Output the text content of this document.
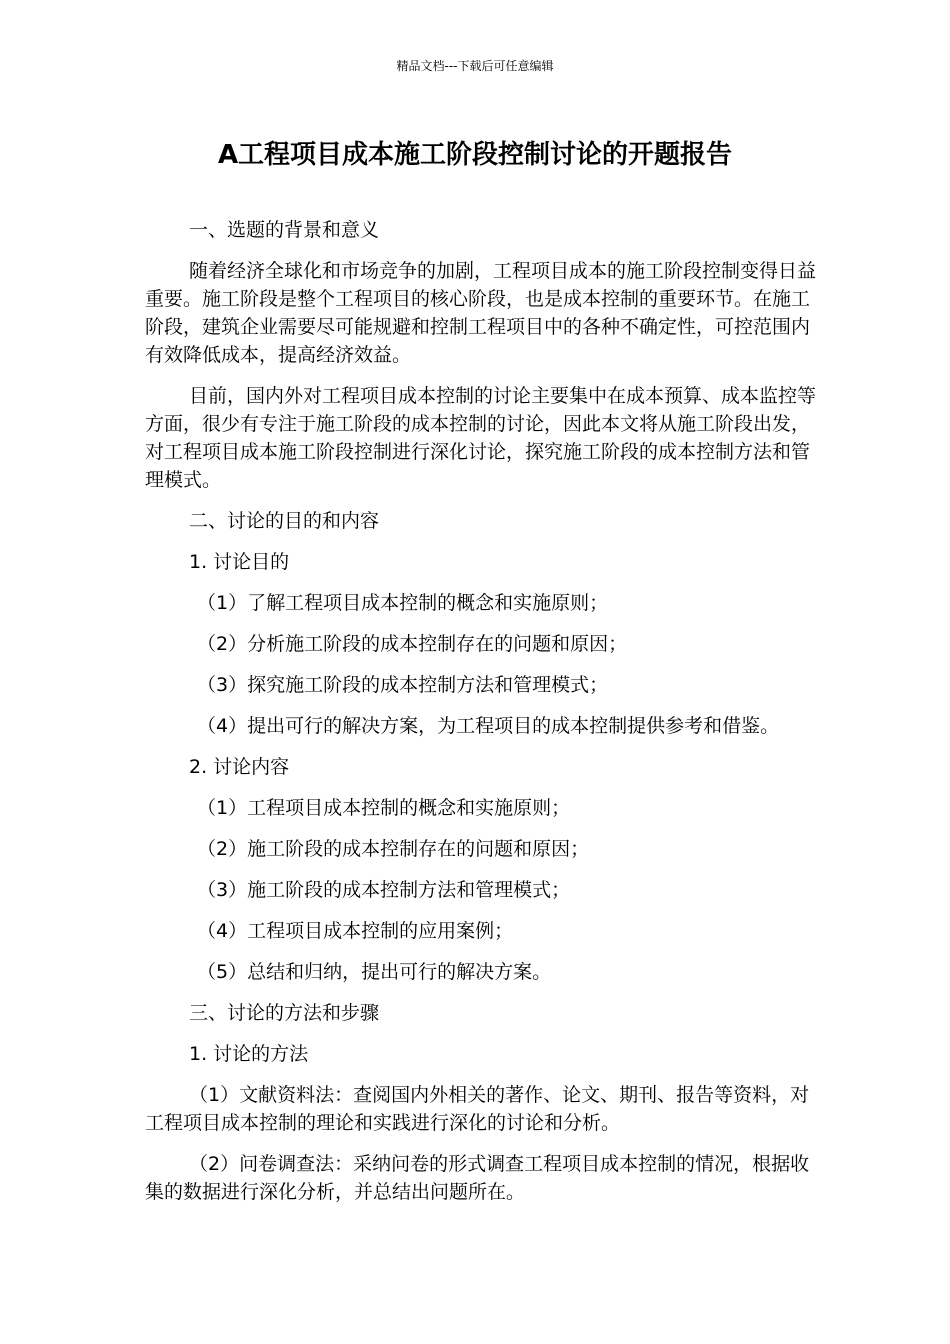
精品文档---下载后可任意编辑
A工程项目成本施工阶段控制讨论的开题报告

一、选题的背景和意义

随着经济全球化和市场竞争的加剧，工程项目成本的施工阶段控制变得日益重要。施工阶段是整个工程项目的核心阶段，也是成本控制的重要环节。在施工阶段，建筑企业需要尽可能规避和控制工程项目中的各种不确定性，可控范围内有效降低成本，提高经济效益。

目前，国内外对工程项目成本控制的讨论主要集中在成本预算、成本监控等方面，很少有专注于施工阶段的成本控制的讨论，因此本文将从施工阶段出发，对工程项目成本施工阶段控制进行深化讨论，探究施工阶段的成本控制方法和管理模式。

二、讨论的目的和内容

1. 讨论目的

（1）了解工程项目成本控制的概念和实施原则；

（2）分析施工阶段的成本控制存在的问题和原因；

（3）探究施工阶段的成本控制方法和管理模式；

（4）提出可行的解决方案，为工程项目的成本控制提供参考和借鉴。

2. 讨论内容

（1）工程项目成本控制的概念和实施原则；

（2）施工阶段的成本控制存在的问题和原因；

（3）施工阶段的成本控制方法和管理模式；

（4）工程项目成本控制的应用案例；

（5）总结和归纳，提出可行的解决方案。

三、讨论的方法和步骤

1. 讨论的方法

（1）文献资料法：查阅国内外相关的著作、论文、期刊、报告等资料，对工程项目成本控制的理论和实践进行深化的讨论和分析。

（2）问卷调查法：采纳问卷的形式调查工程项目成本控制的情况，根据收集的数据进行深化分析，并总结出问题所在。
